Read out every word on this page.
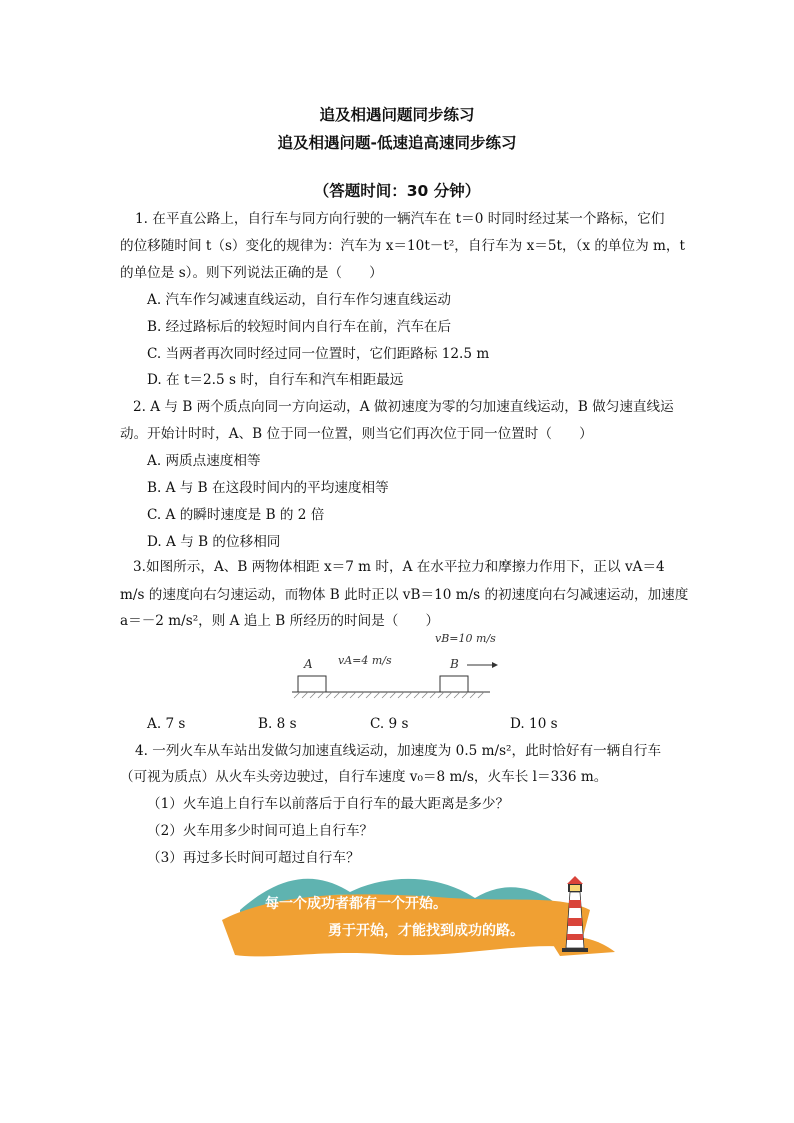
追及相遇问题同步练习
追及相遇问题-低速追高速同步练习
（答题时间：30 分钟）
1. 在平直公路上，自行车与同方向行驶的一辆汽车在 t＝0 时同时经过某一个路标，它们
的位移随时间 t（s）变化的规律为：汽车为 x＝10t－t²，自行车为 x＝5t，（x 的单位为 m，t
的单位是 s）。则下列说法正确的是（　　）
A. 汽车作匀减速直线运动，自行车作匀速直线运动
B. 经过路标后的较短时间内自行车在前，汽车在后
C. 当两者再次同时经过同一位置时，它们距路标 12.5 m
D. 在 t＝2.5 s 时，自行车和汽车相距最远
2. A 与 B 两个质点向同一方向运动，A 做初速度为零的匀加速直线运动，B 做匀速直线运
动。开始计时时，A、B 位于同一位置，则当它们再次位于同一位置时（　　）
A. 两质点速度相等
B. A 与 B 在这段时间内的平均速度相等
C. A 的瞬时速度是 B 的 2 倍
D. A 与 B 的位移相同
3.如图所示，A、B 两物体相距 x＝7 m 时，A 在水平拉力和摩擦力作用下，正以 vA＝4
m/s 的速度向右匀速运动，而物体 B 此时正以 vB＝10 m/s 的初速度向右匀减速运动，加速度
a＝－2 m/s²，则 A 追上 B 所经历的时间是（　　）
vB=10 m/s
vA=4 m/s
A	B
A. 7 s	B. 8 s	C. 9 s	D. 10 s
4. 一列火车从车站出发做匀加速直线运动，加速度为 0.5 m/s²，此时恰好有一辆自行车
（可视为质点）从火车头旁边驶过，自行车速度 v₀＝8 m/s，火车长 l＝336 m。
（1）火车追上自行车以前落后于自行车的最大距离是多少？
（2）火车用多少时间可追上自行车？
（3）再过多长时间可超过自行车？
每一个成功者都有一个开始。
勇于开始，才能找到成功的路。
